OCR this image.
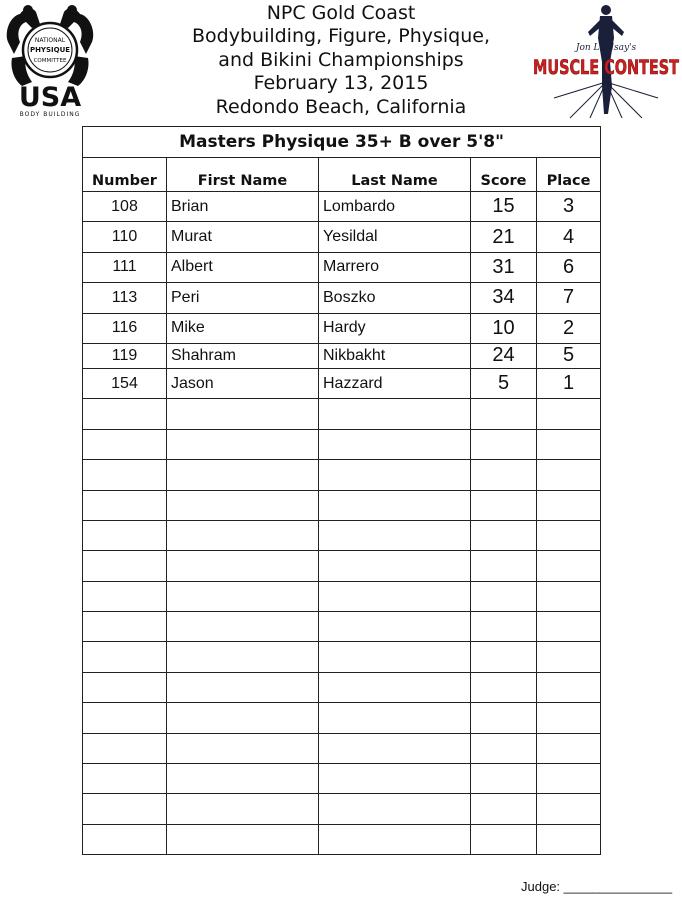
NPC Gold Coast
Bodybuilding, Figure, Physique,
and Bikini Championships
February 13, 2015
Redondo Beach, California
NATIONAL
PHYSIQUE
COMMITTEE
USA
BODY BUILDING
Jon Lindsay's
MUSCLE CONTEST
Masters Physique 35+ B over 5'8"				
Number	First Name	Last Name	Score	Place
108	Brian	Lombardo	15	3
110	Murat	Yesildal	21	4
111	Albert	Marrero	31	6
113	Peri	Boszko	34	7
116	Mike	Hardy	10	2
119	Shahram	Nikbakht	24	5
154	Jason	Hazzard	5	1

Judge: _______________
